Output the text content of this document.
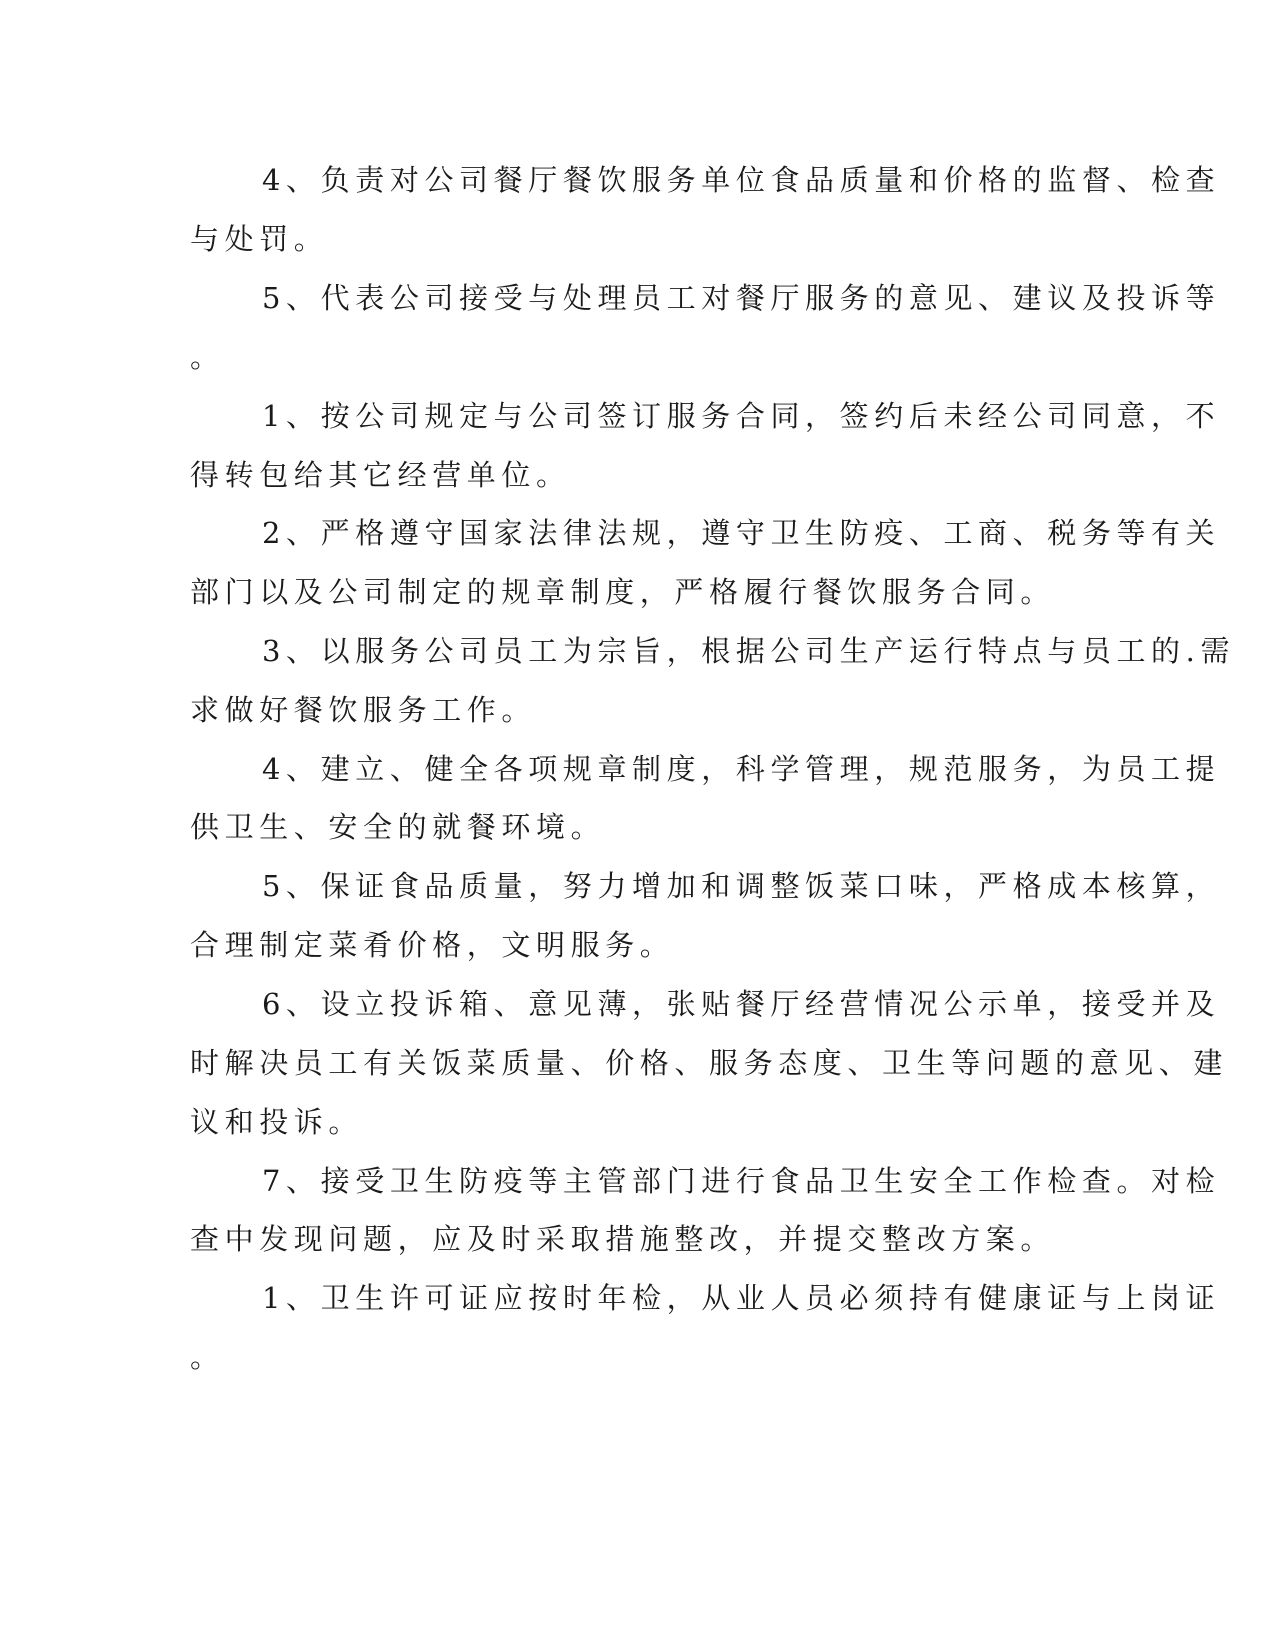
4、负责对公司餐厅餐饮服务单位食品质量和价格的监督、检查
与处罚。
5、代表公司接受与处理员工对餐厅服务的意见、建议及投诉等
。
1、按公司规定与公司签订服务合同，签约后未经公司同意，不
得转包给其它经营单位。
2、严格遵守国家法律法规，遵守卫生防疫、工商、税务等有关
部门以及公司制定的规章制度，严格履行餐饮服务合同。
3、以服务公司员工为宗旨，根据公司生产运行特点与员工的.需
求做好餐饮服务工作。
4、建立、健全各项规章制度，科学管理，规范服务，为员工提
供卫生、安全的就餐环境。
5、保证食品质量，努力增加和调整饭菜口味，严格成本核算，
合理制定菜肴价格，文明服务。
6、设立投诉箱、意见薄，张贴餐厅经营情况公示单，接受并及
时解决员工有关饭菜质量、价格、服务态度、卫生等问题的意见、建
议和投诉。
7、接受卫生防疫等主管部门进行食品卫生安全工作检查。对检
查中发现问题，应及时采取措施整改，并提交整改方案。
1、卫生许可证应按时年检，从业人员必须持有健康证与上岗证
。
